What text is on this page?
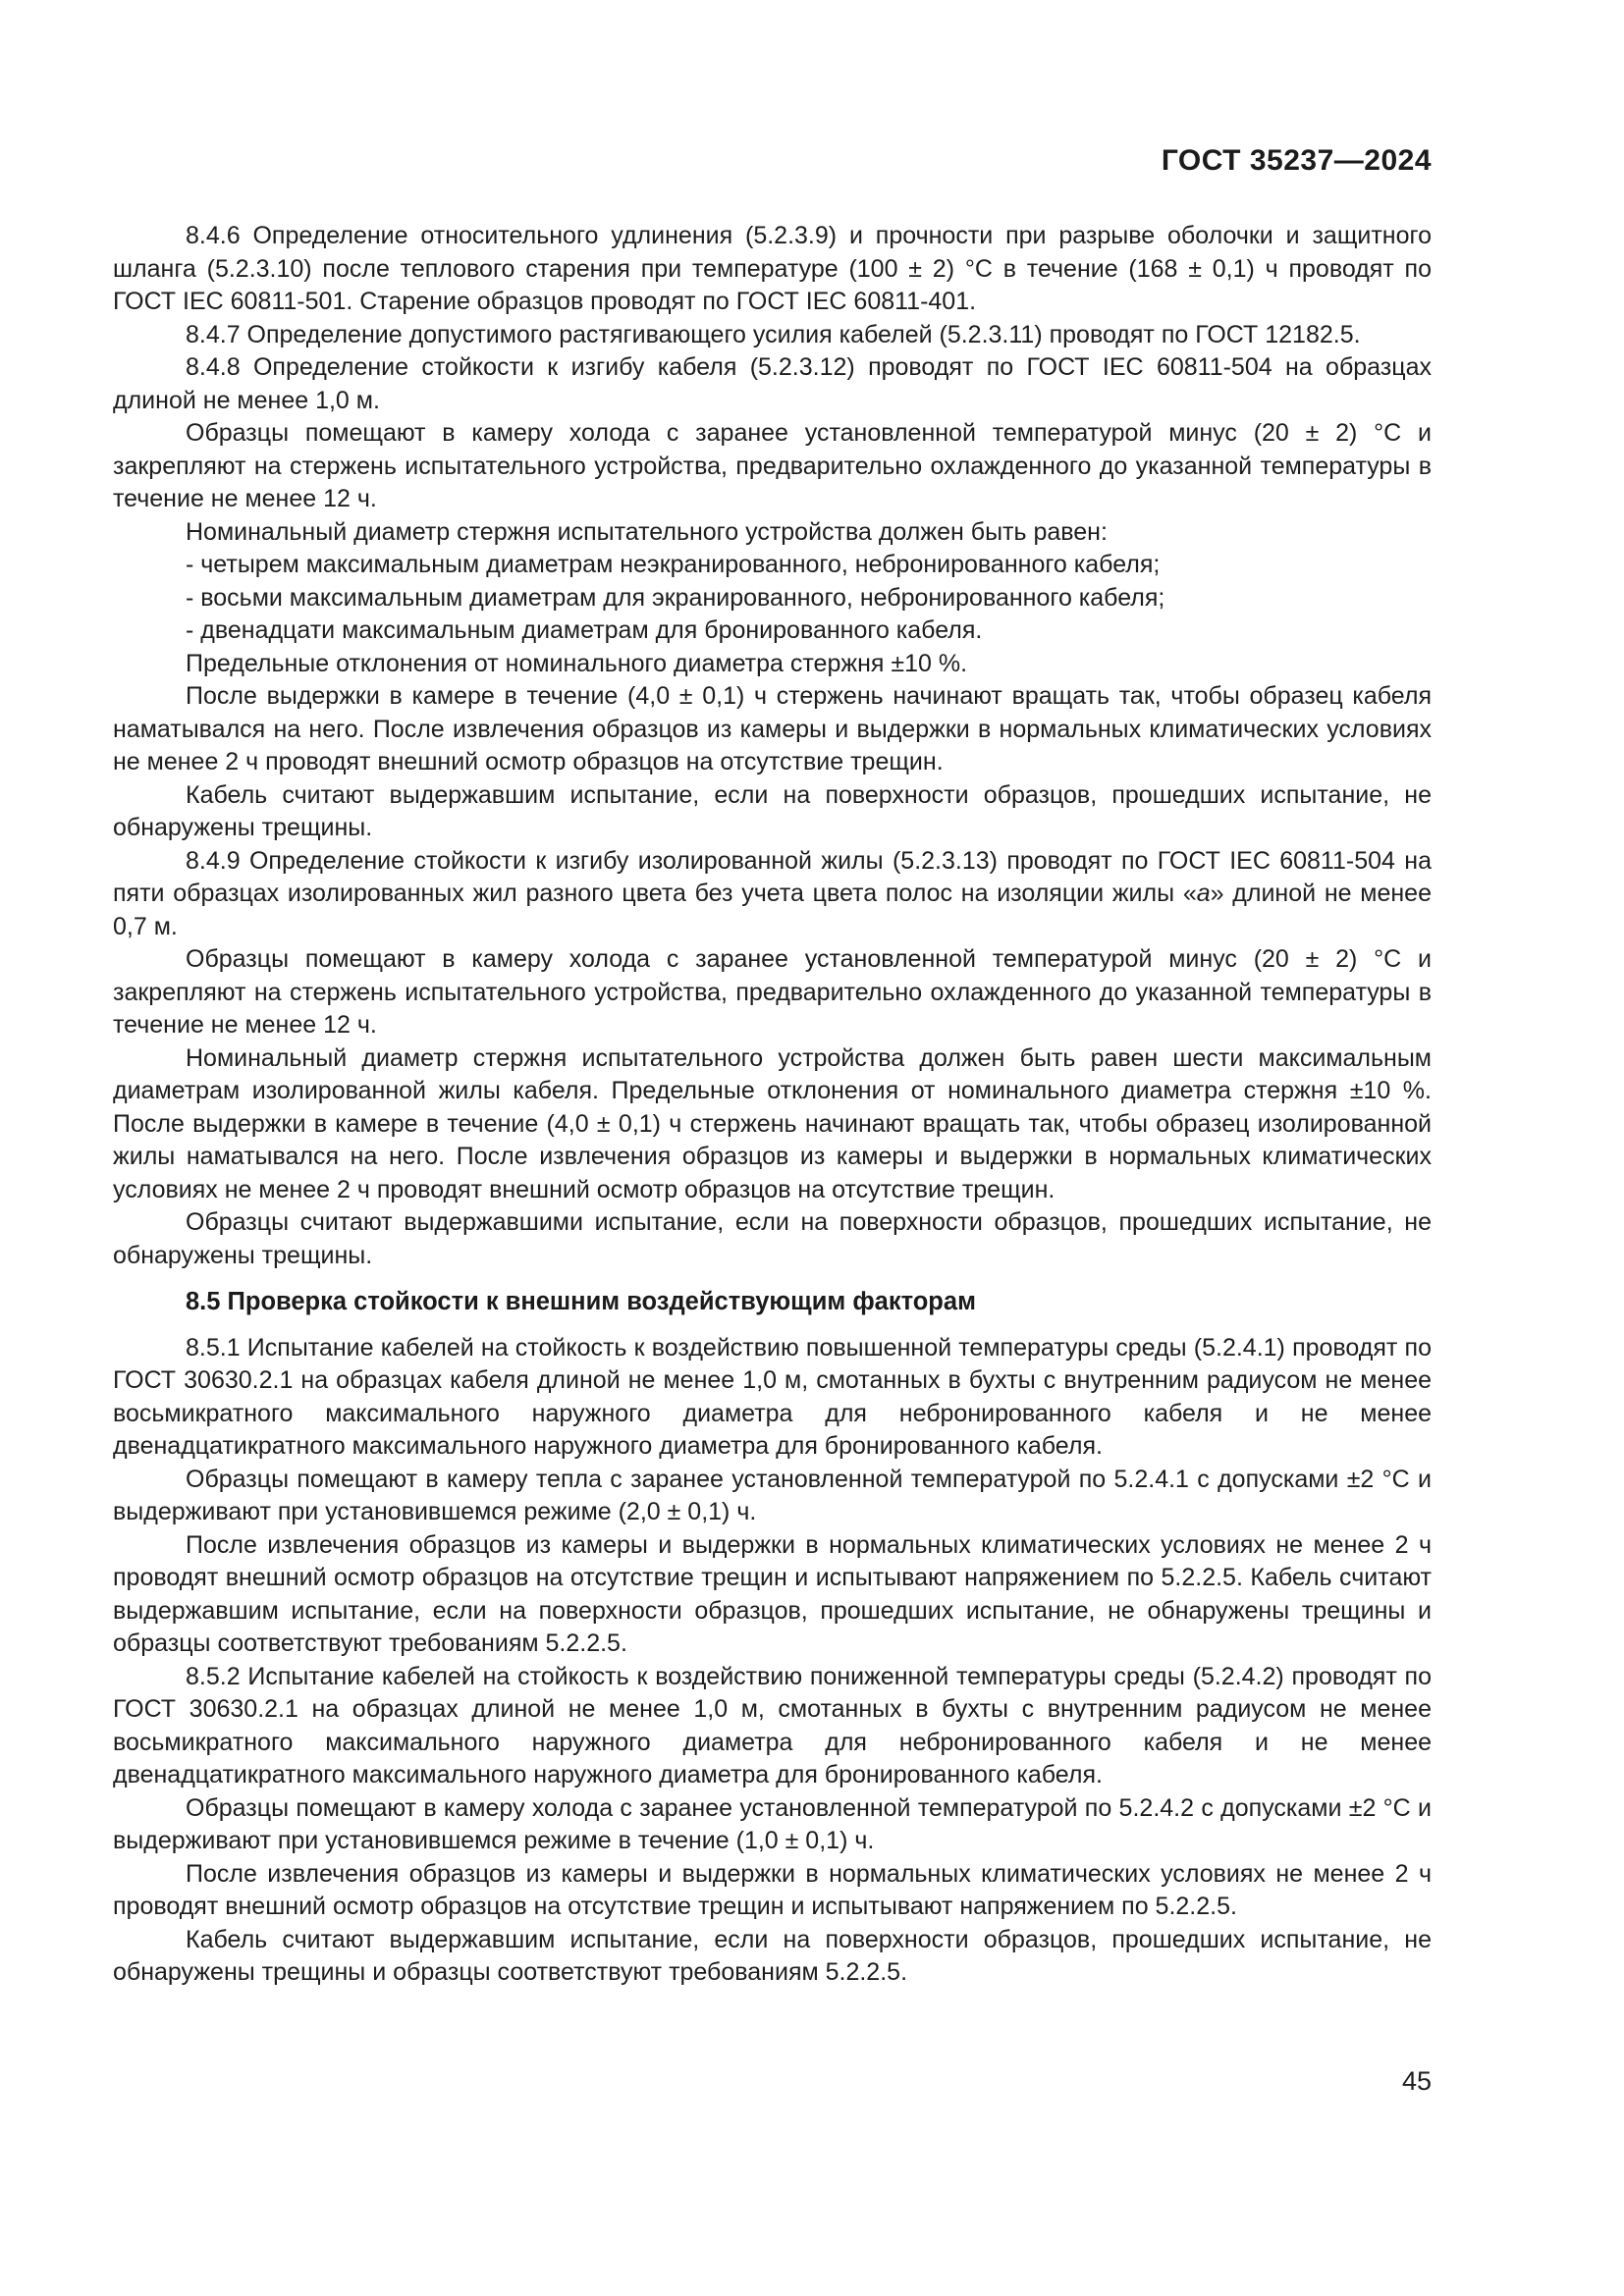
ГОСТ 35237—2024

8.4.6 Определение относительного удлинения (5.2.3.9) и прочности при разрыве оболочки и защитного шланга (5.2.3.10) после теплового старения при температуре (100 ± 2) °С в течение (168 ± 0,1) ч проводят по ГОСТ IEC 60811-501. Старение образцов проводят по ГОСТ IEC 60811-401.

8.4.7 Определение допустимого растягивающего усилия кабелей (5.2.3.11) проводят по ГОСТ 12182.5.

8.4.8 Определение стойкости к изгибу кабеля (5.2.3.12) проводят по ГОСТ IEC 60811-504 на образцах длиной не менее 1,0 м.

Образцы помещают в камеру холода с заранее установленной температурой минус (20 ± 2) °С и закрепляют на стержень испытательного устройства, предварительно охлажденного до указанной температуры в течение не менее 12 ч.

Номинальный диаметр стержня испытательного устройства должен быть равен:

- четырем максимальным диаметрам неэкранированного, небронированного кабеля;

- восьми максимальным диаметрам для экранированного, небронированного кабеля;

- двенадцати максимальным диаметрам для бронированного кабеля.

Предельные отклонения от номинального диаметра стержня ±10 %.

После выдержки в камере в течение (4,0 ± 0,1) ч стержень начинают вращать так, чтобы образец кабеля наматывался на него. После извлечения образцов из камеры и выдержки в нормальных климатических условиях не менее 2 ч проводят внешний осмотр образцов на отсутствие трещин.

Кабель считают выдержавшим испытание, если на поверхности образцов, прошедших испытание, не обнаружены трещины.

8.4.9 Определение стойкости к изгибу изолированной жилы (5.2.3.13) проводят по ГОСТ IEC 60811-504 на пяти образцах изолированных жил разного цвета без учета цвета полос на изоляции жилы «а» длиной не менее 0,7 м.

Образцы помещают в камеру холода с заранее установленной температурой минус (20 ± 2) °С и закрепляют на стержень испытательного устройства, предварительно охлажденного до указанной температуры в течение не менее 12 ч.

Номинальный диаметр стержня испытательного устройства должен быть равен шести максимальным диаметрам изолированной жилы кабеля. Предельные отклонения от номинального диаметра стержня ±10 %. После выдержки в камере в течение (4,0 ± 0,1) ч стержень начинают вращать так, чтобы образец изолированной жилы наматывался на него. После извлечения образцов из камеры и выдержки в нормальных климатических условиях не менее 2 ч проводят внешний осмотр образцов на отсутствие трещин.

Образцы считают выдержавшими испытание, если на поверхности образцов, прошедших испытание, не обнаружены трещины.

8.5 Проверка стойкости к внешним воздействующим факторам

8.5.1 Испытание кабелей на стойкость к воздействию повышенной температуры среды (5.2.4.1) проводят по ГОСТ 30630.2.1 на образцах кабеля длиной не менее 1,0 м, смотанных в бухты с внутренним радиусом не менее восьмикратного максимального наружного диаметра для небронированного кабеля и не менее двенадцатикратного максимального наружного диаметра для бронированного кабеля.

Образцы помещают в камеру тепла с заранее установленной температурой по 5.2.4.1 с допусками ±2 °С и выдерживают при установившемся режиме (2,0 ± 0,1) ч.

После извлечения образцов из камеры и выдержки в нормальных климатических условиях не менее 2 ч проводят внешний осмотр образцов на отсутствие трещин и испытывают напряжением по 5.2.2.5. Кабель считают выдержавшим испытание, если на поверхности образцов, прошедших испытание, не обнаружены трещины и образцы соответствуют требованиям 5.2.2.5.

8.5.2 Испытание кабелей на стойкость к воздействию пониженной температуры среды (5.2.4.2) проводят по ГОСТ 30630.2.1 на образцах длиной не менее 1,0 м, смотанных в бухты с внутренним радиусом не менее восьмикратного максимального наружного диаметра для небронированного кабеля и не менее двенадцатикратного максимального наружного диаметра для бронированного кабеля.

Образцы помещают в камеру холода с заранее установленной температурой по 5.2.4.2 с допусками ±2 °С и выдерживают при установившемся режиме в течение (1,0 ± 0,1) ч.

После извлечения образцов из камеры и выдержки в нормальных климатических условиях не менее 2 ч проводят внешний осмотр образцов на отсутствие трещин и испытывают напряжением по 5.2.2.5.

Кабель считают выдержавшим испытание, если на поверхности образцов, прошедших испытание, не обнаружены трещины и образцы соответствуют требованиям 5.2.2.5.

45
